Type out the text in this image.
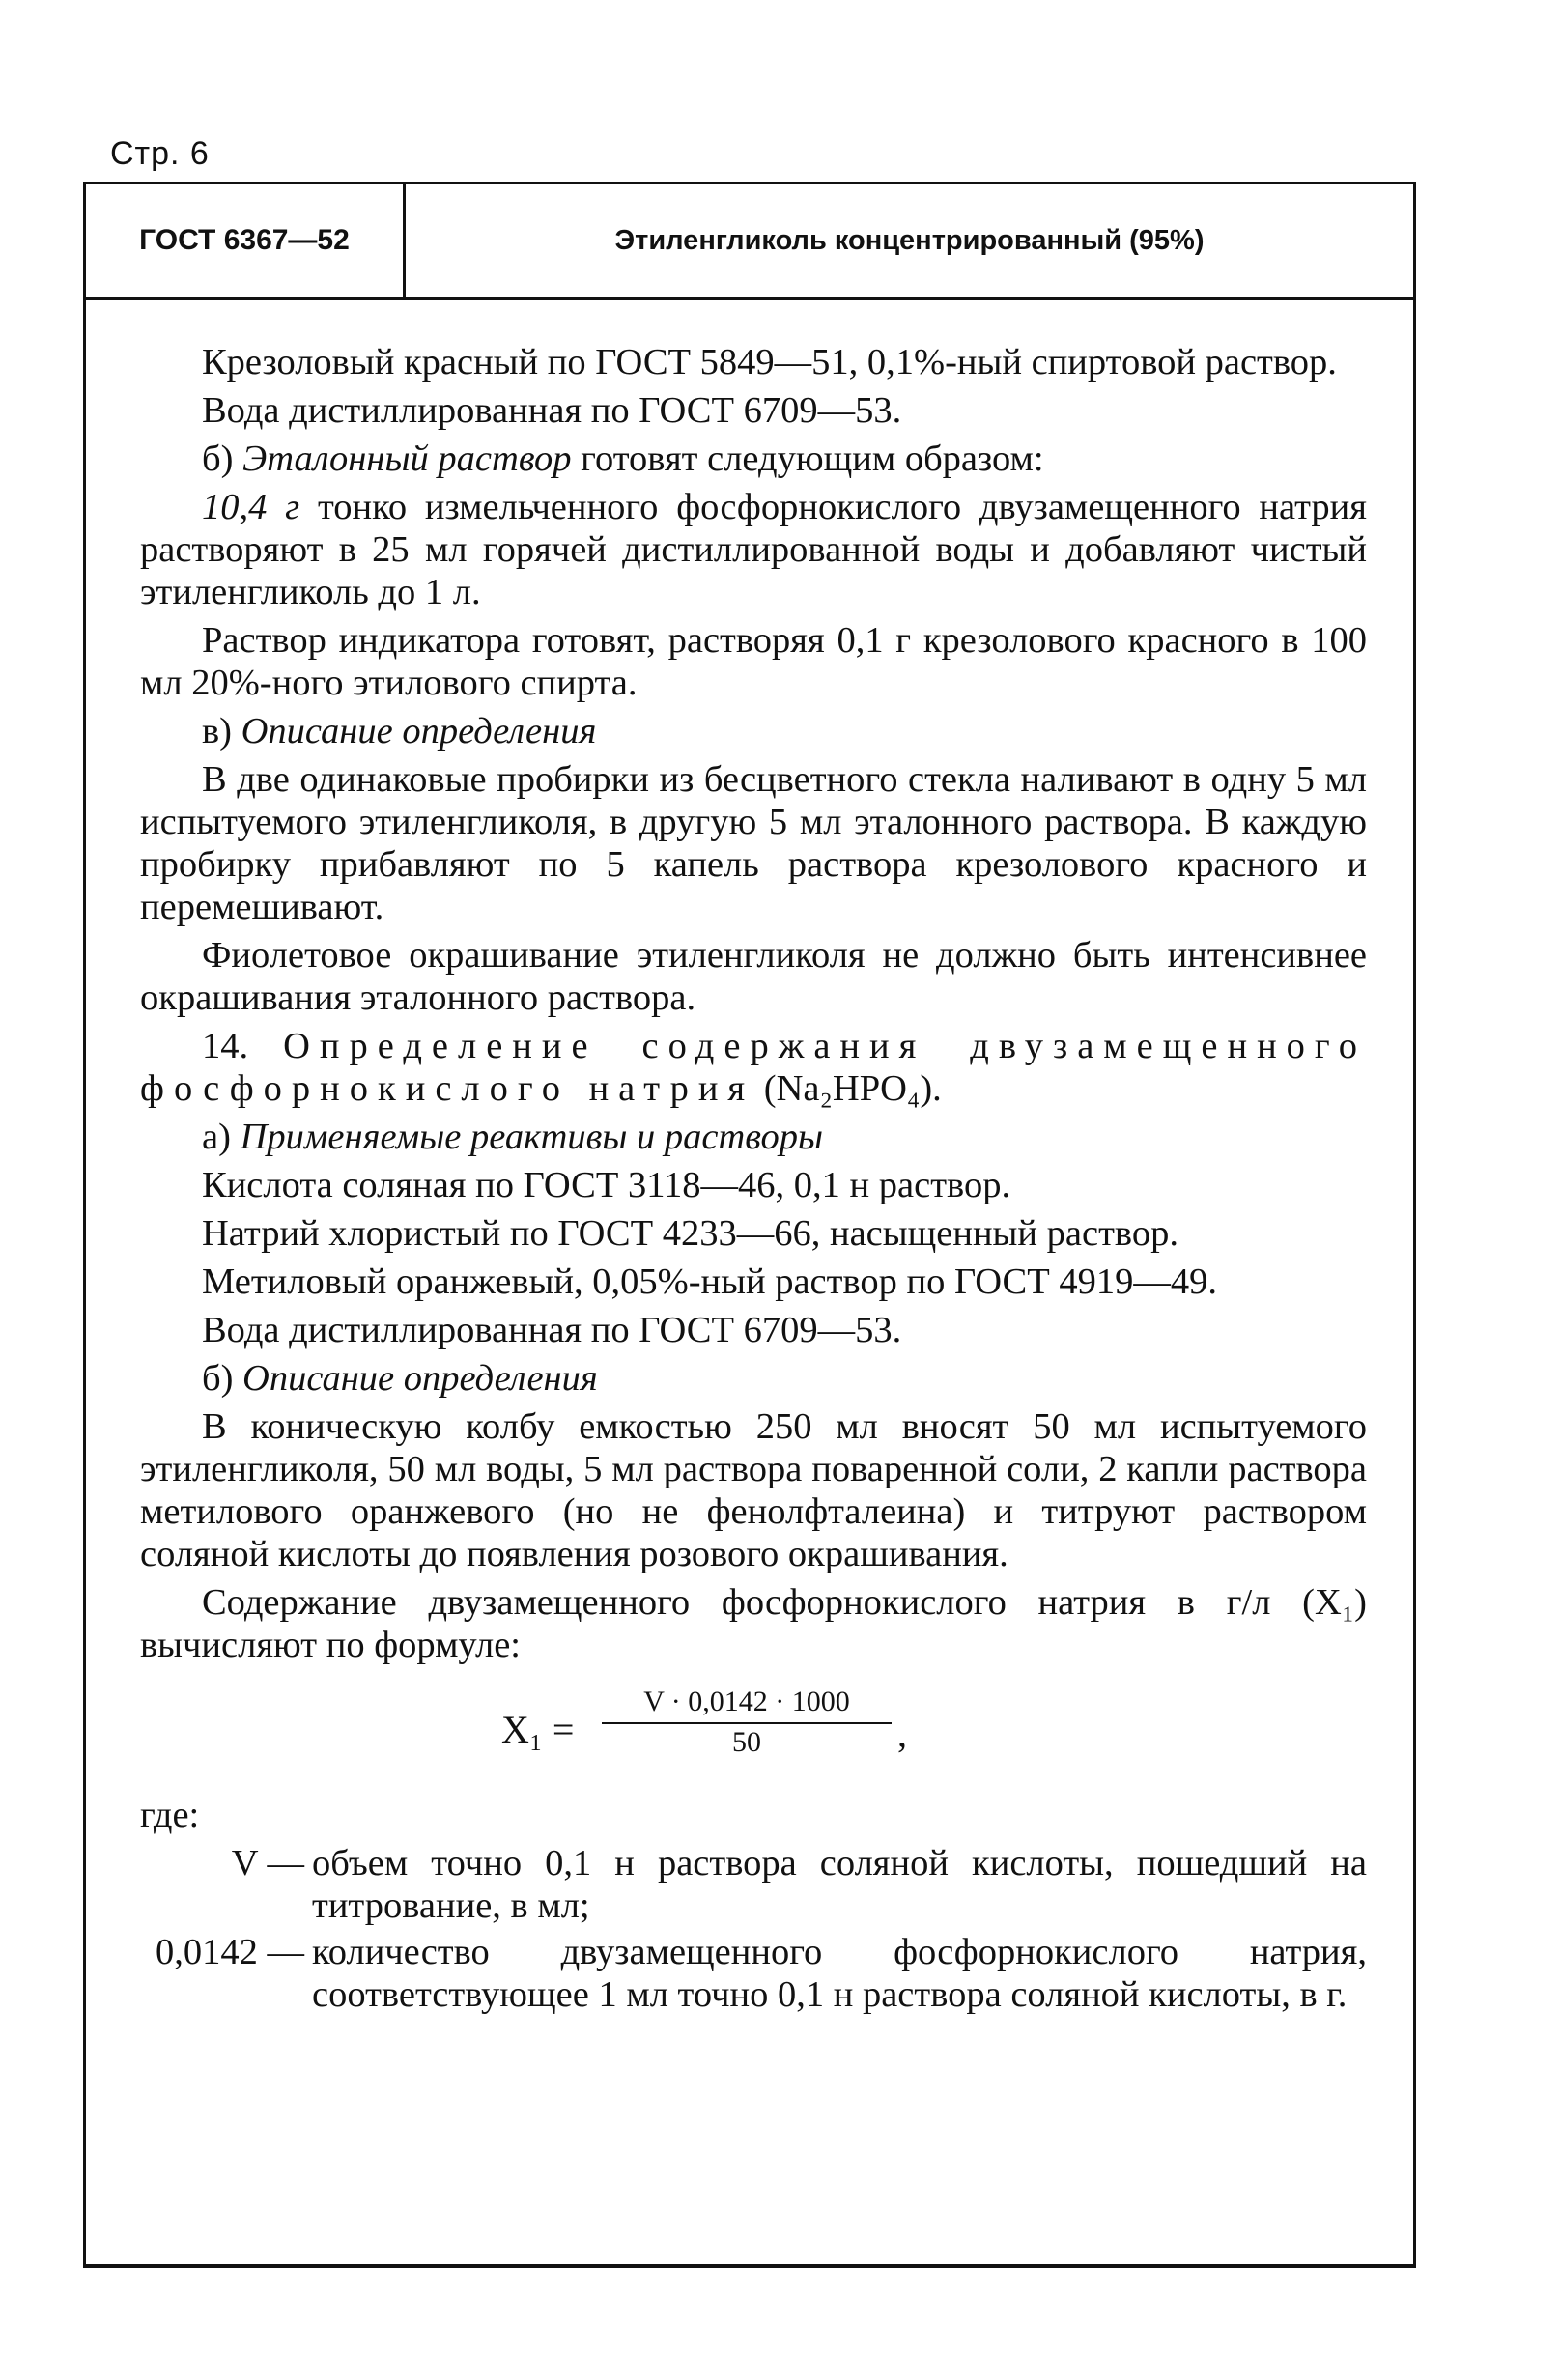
Стр. 6
ГОСТ 6367—52	Этиленгликоль концентрированный (95%)

Крезоловый красный по ГОСТ 5849—51, 0,1%-ный спиртовой раствор.

Вода дистиллированная по ГОСТ 6709—53.

б) Эталонный раствор готовят следующим образом:

10,4 г тонко измельченного фосфорнокислого двузамещенного натрия растворяют в 25 мл горячей дистиллированной воды и добавляют чистый этиленгликоль до 1 л.

Раствор индикатора готовят, растворяя 0,1 г крезолового красного в 100 мл 20%-ного этилового спирта.

в) Описание определения

В две одинаковые пробирки из бесцветного стекла наливают в одну 5 мл испытуемого этиленгликоля, в другую 5 мл эталонного раствора. В каждую пробирку прибавляют по 5 капель раствора крезолового красного и перемешивают.

Фиолетовое окрашивание этиленгликоля не должно быть интенсивнее окрашивания эталонного раствора.

14. Определение содержания двузамещенного фосфорнокислого натрия (Na₂HPO₄).

а) Применяемые реактивы и растворы

Кислота соляная по ГОСТ 3118—46, 0,1 н раствор.

Натрий хлористый по ГОСТ 4233—66, насыщенный раствор.

Метиловый оранжевый, 0,05%-ный раствор по ГОСТ 4919—49.

Вода дистиллированная по ГОСТ 6709—53.

б) Описание определения

В коническую колбу емкостью 250 мл вносят 50 мл испытуемого этиленгликоля, 50 мл воды, 5 мл раствора поваренной соли, 2 капли раствора метилового оранжевого (но не фенолфталеина) и титруют раствором соляной кислоты до появления розового окрашивания.

Содержание двузамещенного фосфорнокислого натрия в г/л (X₁) вычисляют по формуле:

$X_1 = \frac{V \cdot 0,0142 \cdot 1000}{50}$ ,

где:

V — объем точно 0,1 н раствора соляной кислоты, пошедший на титрование, в мл;
0,0142 — количество двузамещенного фосфорнокислого натрия, соответствующее 1 мл точно 0,1 н раствора соляной кислоты, в г.
